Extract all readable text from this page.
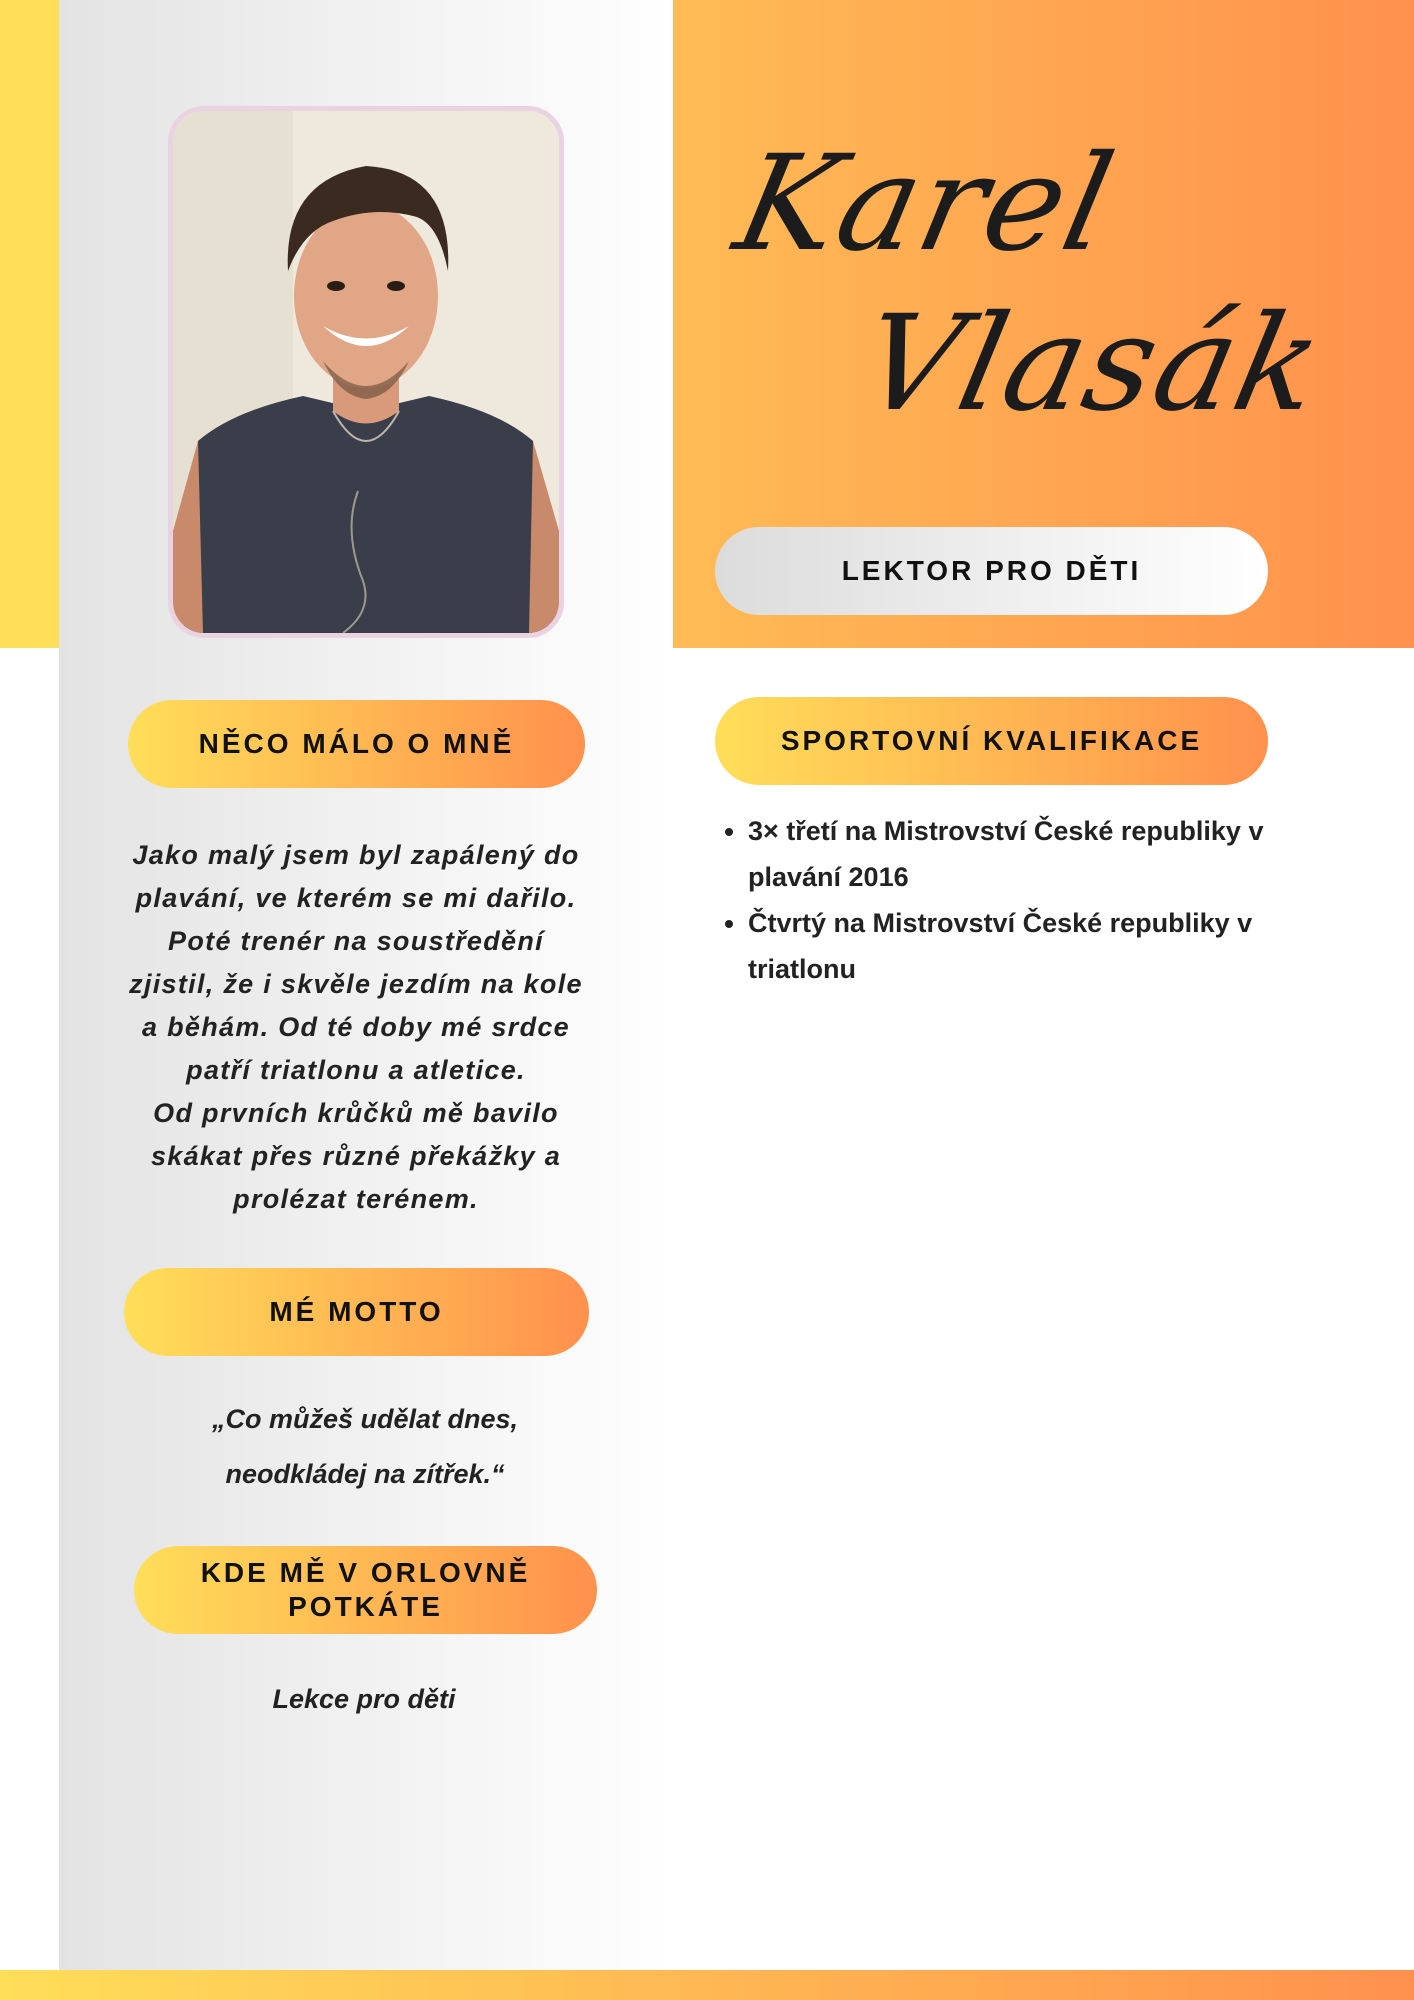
Karel
Vlasák
LEKTOR PRO DĚTI
NĚCO MÁLO O MNĚ

Jako malý jsem byl zapálený do plavání, ve kterém se mi dařilo. Poté trenér na soustředění zjistil, že i skvěle jezdím na kole a běhám. Od té doby mé srdce patří triatlonu a atletice.

Od prvních krůčků mě bavilo skákat přes různé překážky a prolézat terénem.

MÉ MOTTO

„Co můžeš udělat dnes,

neodkládej na zítřek.“

KDE MĚ V ORLOVNĚ
POTKÁTE
Lekce pro děti
SPORTOVNÍ KVALIFIKACE
• 3× třetí na Mistrovství České republiky v plavání 2016
• Čtvrtý na Mistrovství České republiky v triatlonu
